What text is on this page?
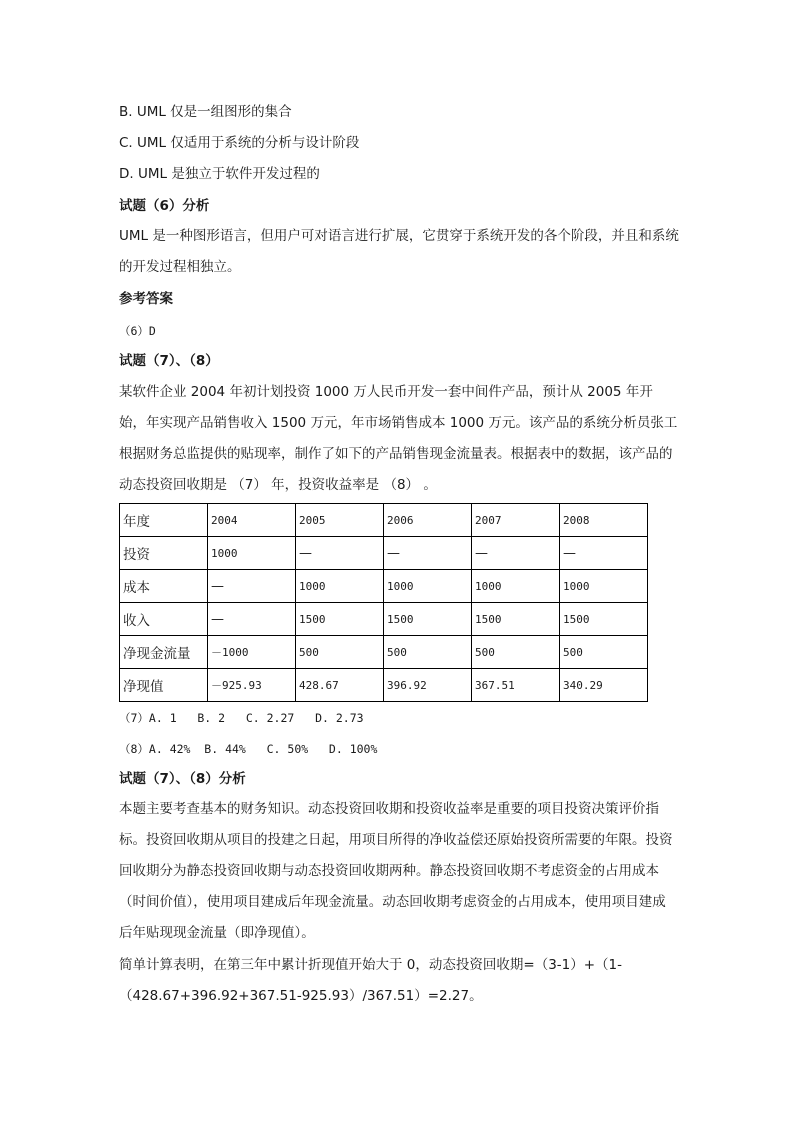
B. UML 仅是一组图形的集合
C. UML 仅适用于系统的分析与设计阶段
D. UML 是独立于软件开发过程的
试题（6）分析
UML 是一种图形语言，但用户可对语言进行扩展，它贯穿于系统开发的各个阶段，并且和系统的开发过程相独立。
参考答案
（6）D
试题（7）、（8）
某软件企业 2004 年初计划投资 1000 万人民币开发一套中间件产品，预计从 2005 年开始，年实现产品销售收入 1500 万元，年市场销售成本 1000 万元。该产品的系统分析员张工根据财务总监提供的贴现率，制作了如下的产品销售现金流量表。根据表中的数据，该产品的动态投资回收期是 （7） 年，投资收益率是 （8） 。
年度	2004	2005	2006	2007	2008
投资	1000	—	—	—	—
成本	—	1000	1000	1000	1000
收入	—	1500	1500	1500	1500
净现金流量	－1000	500	500	500	500
净现值	－925.93	428.67	396.92	367.51	340.29
（7）A. 1   B. 2   C. 2.27   D. 2.73
（8）A. 42%  B. 44%   C. 50%   D. 100%
试题（7）、（8）分析
本题主要考查基本的财务知识。动态投资回收期和投资收益率是重要的项目投资决策评价指标。投资回收期从项目的投建之日起，用项目所得的净收益偿还原始投资所需要的年限。投资回收期分为静态投资回收期与动态投资回收期两种。静态投资回收期不考虑资金的占用成本（时间价值），使用项目建成后年现金流量。动态回收期考虑资金的占用成本，使用项目建成后年贴现现金流量（即净现值）。
简单计算表明，在第三年中累计折现值开始大于 0，动态投资回收期=（3-1）+（1-（428.67+396.92+367.51-925.93）/367.51）=2.27。
